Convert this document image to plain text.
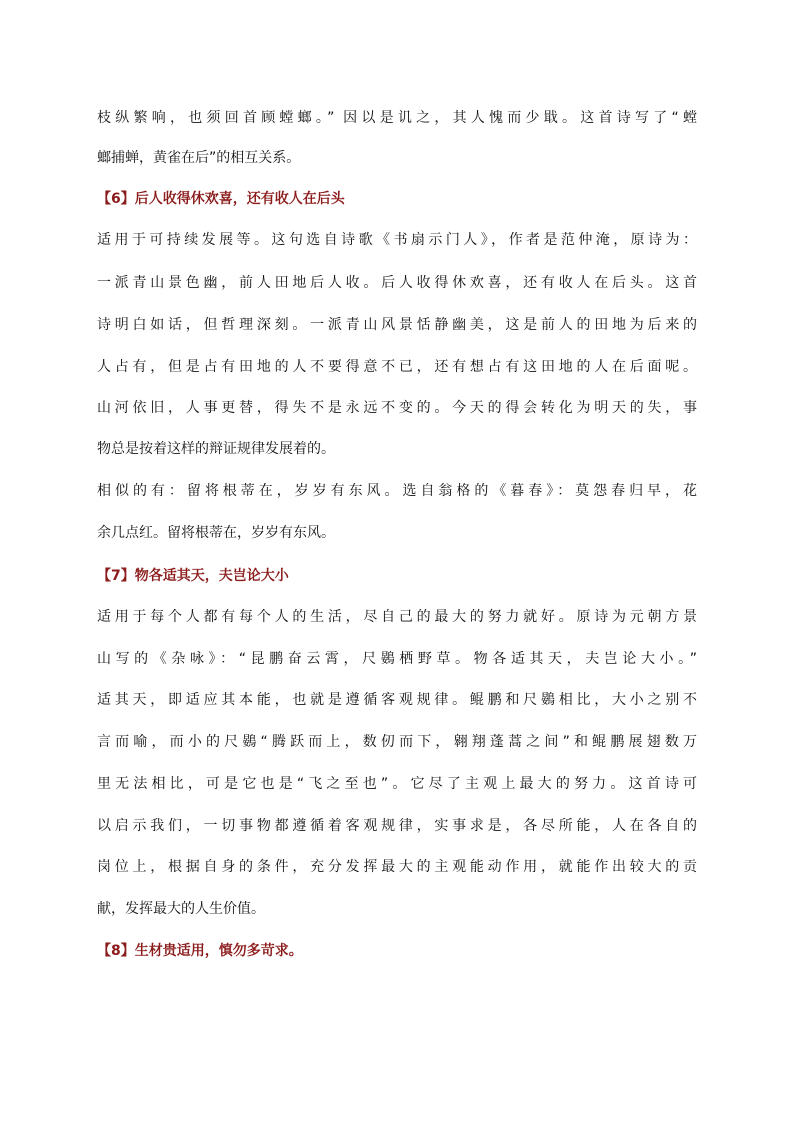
枝纵繁响，也须回首顾螳螂。” 因以是讥之，其人愧而少戢。这首诗写了“螳
螂捕蝉，黄雀在后”的相互关系。
【6】后人收得休欢喜，还有收人在后头
适用于可持续发展等。这句选自诗歌《书扇示门人》，作者是范仲淹，原诗为：
一派青山景色幽，前人田地后人收。后人收得休欢喜，还有收人在后头。这首
诗明白如话，但哲理深刻。一派青山风景恬静幽美，这是前人的田地为后来的
人占有，但是占有田地的人不要得意不已，还有想占有这田地的人在后面呢。
山河依旧，人事更替，得失不是永远不变的。今天的得会转化为明天的失，事
物总是按着这样的辩证规律发展着的。
相似的有：留将根蒂在，岁岁有东风。选自翁格的《暮春》：莫怨春归早，花
余几点红。留将根蒂在，岁岁有东风。
【7】物各适其天，夫岂论大小
适用于每个人都有每个人的生活，尽自己的最大的努力就好。原诗为元朝方景
山写的《杂咏》：“昆鹏奋云霄，尺鷃栖野草。物各适其天，夫岂论大小。”
适其天，即适应其本能，也就是遵循客观规律。鲲鹏和尺鷃相比，大小之别不
言而喻，而小的尺鷃“腾跃而上，数仞而下，翱翔蓬蒿之间”和鲲鹏展翅数万
里无法相比，可是它也是“飞之至也”。它尽了主观上最大的努力。这首诗可
以启示我们，一切事物都遵循着客观规律，实事求是，各尽所能，人在各自的
岗位上，根据自身的条件，充分发挥最大的主观能动作用，就能作出较大的贡
献，发挥最大的人生价值。
【8】生材贵适用，慎勿多苛求。
